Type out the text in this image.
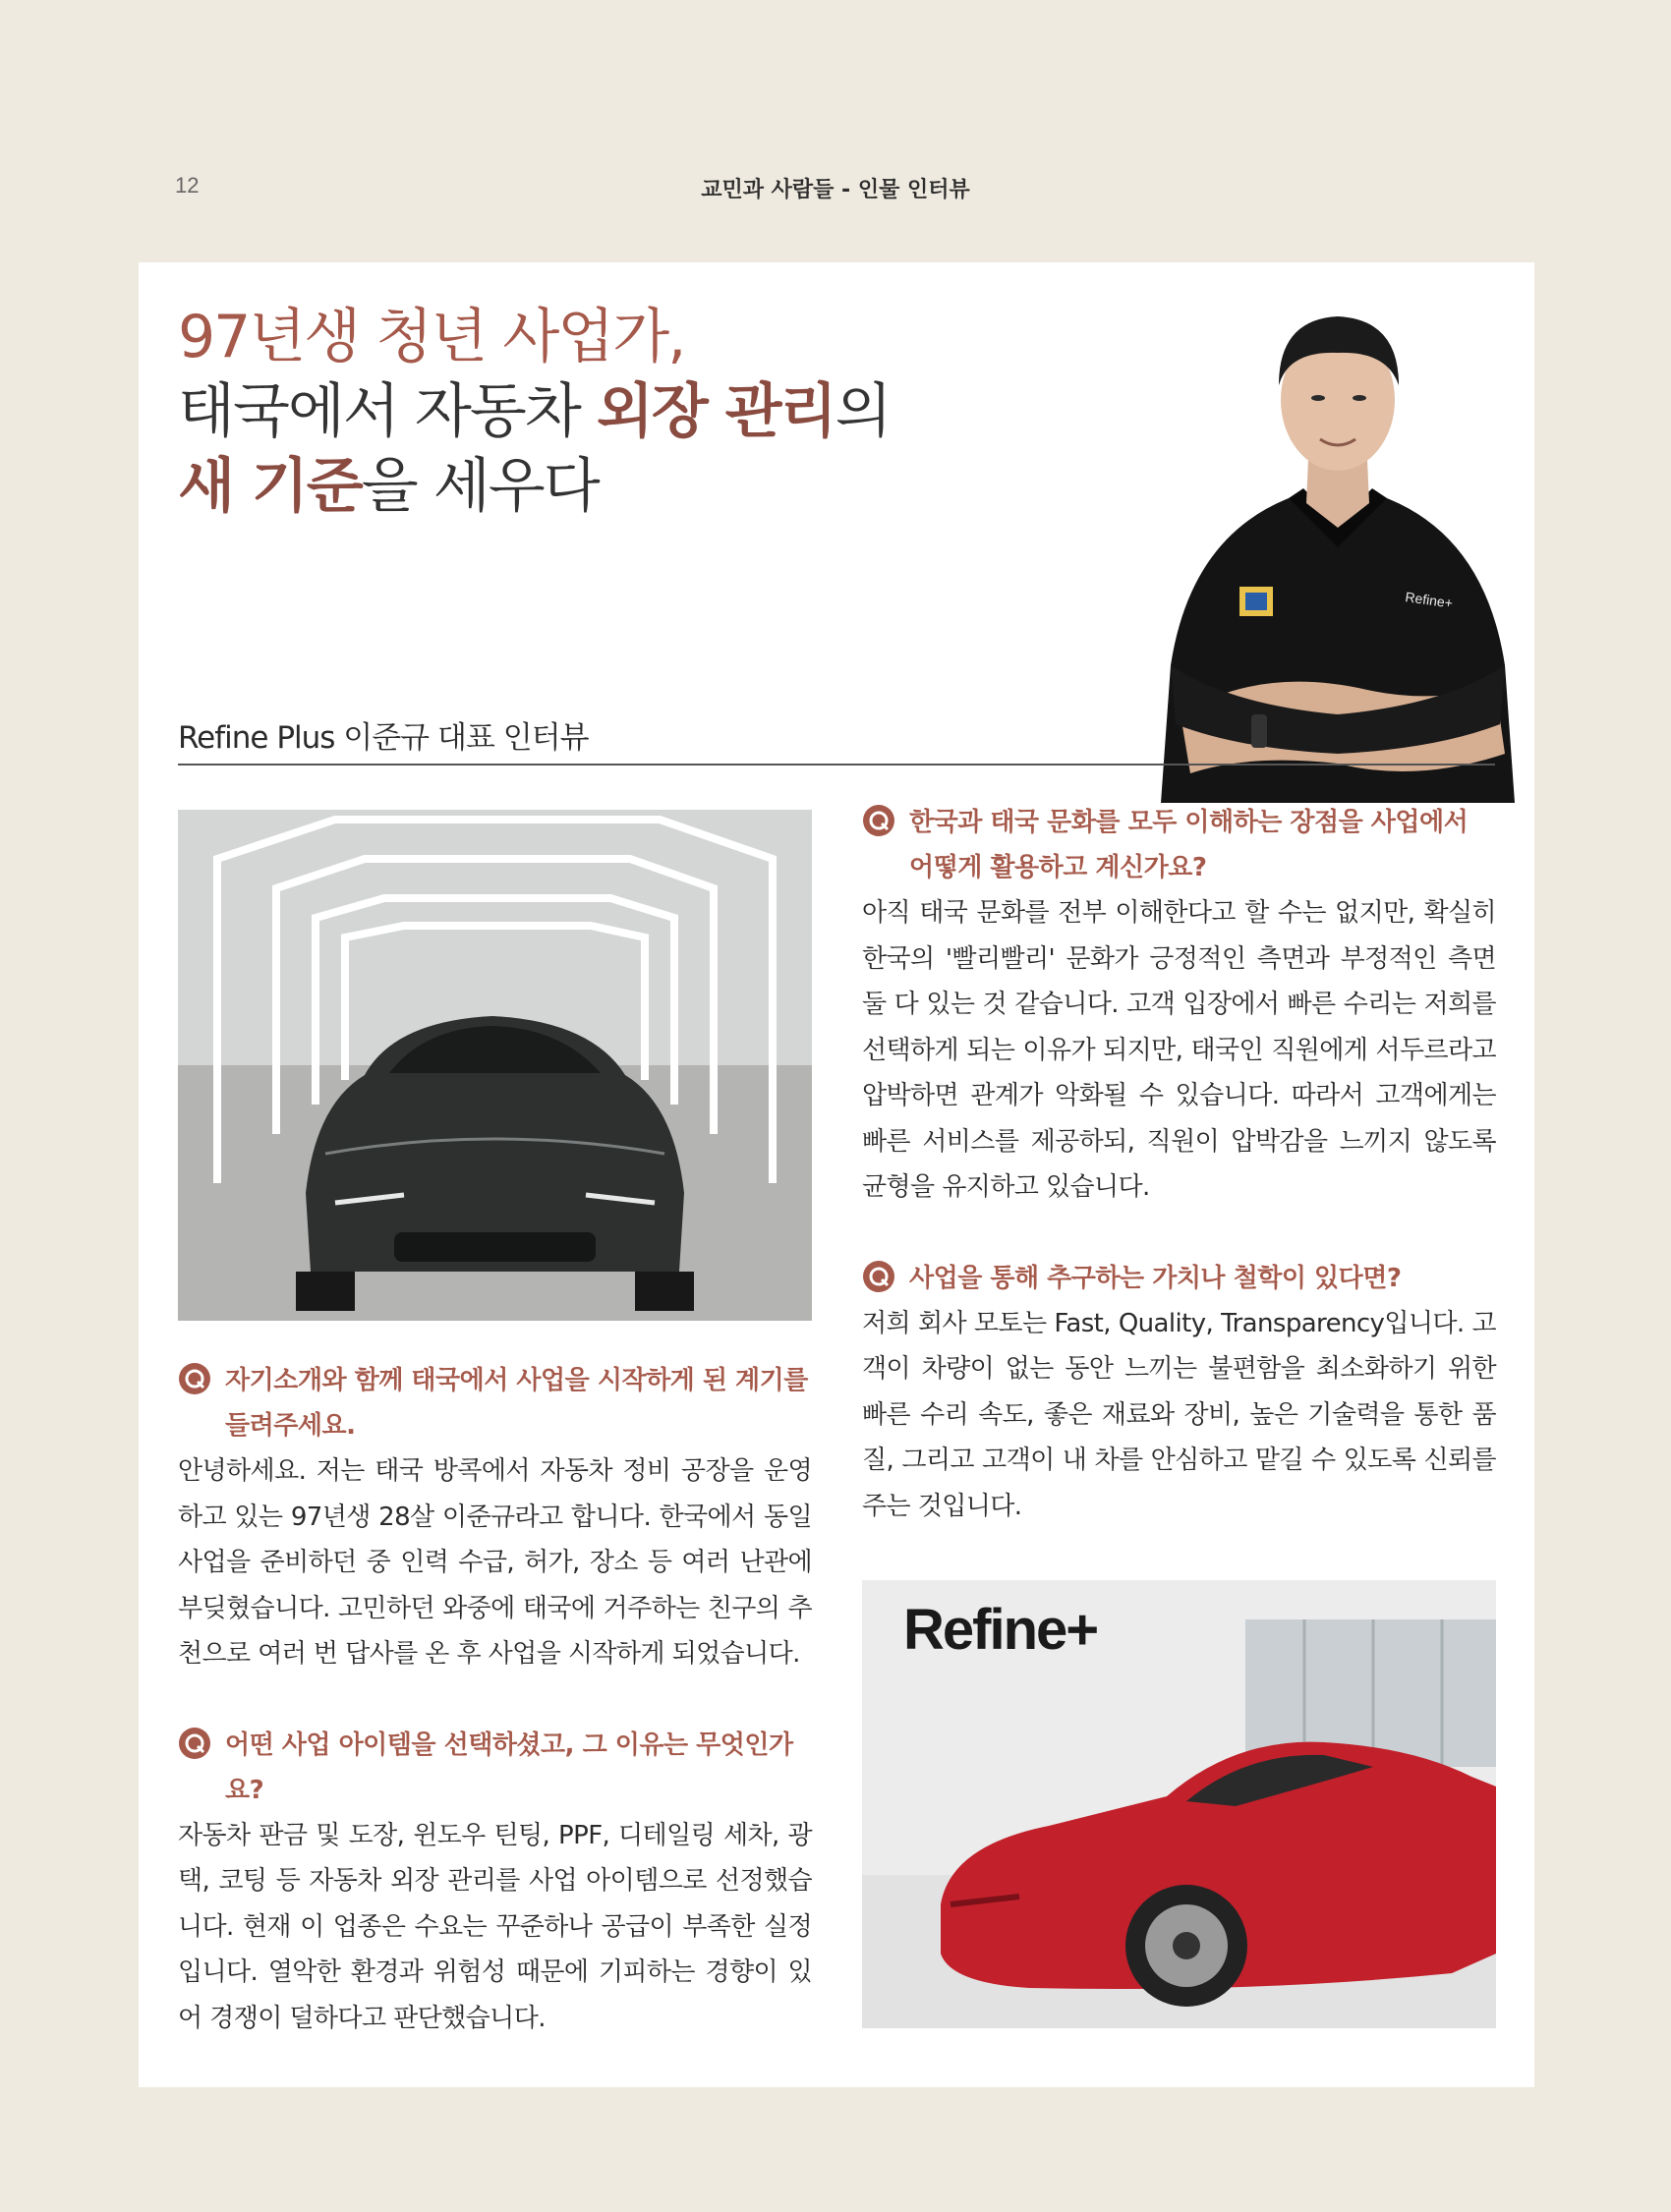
12	교민과 사람들 - 인물 인터뷰
97년생 청년 사업가,
태국에서 자동차 외장 관리의
새 기준을 세우다
Refine+
Refine Plus 이준규 대표 인터뷰
자기소개와 함께 태국에서 사업을 시작하게 된 계기를 들려주세요.

안녕하세요. 저는 태국 방콕에서 자동차 정비 공장을 운영하고 있는 97년생 28살 이준규라고 합니다. 한국에서 동일 사업을 준비하던 중 인력 수급, 허가, 장소 등 여러 난관에 부딪혔습니다. 고민하던 와중에 태국에 거주하는 친구의 추천으로 여러 번 답사를 온 후 사업을 시작하게 되었습니다.

어떤 사업 아이템을 선택하셨고, 그 이유는 무엇인가요?

자동차 판금 및 도장, 윈도우 틴팅, PPF, 디테일링 세차, 광택, 코팅 등 자동차 외장 관리를 사업 아이템으로 선정했습니다. 현재 이 업종은 수요는 꾸준하나 공급이 부족한 실정입니다. 열악한 환경과 위험성 때문에 기피하는 경향이 있어 경쟁이 덜하다고 판단했습니다.

한국과 태국 문화를 모두 이해하는 장점을 사업에서 어떻게 활용하고 계신가요?

아직 태국 문화를 전부 이해한다고 할 수는 없지만, 확실히 한국의 '빨리빨리' 문화가 긍정적인 측면과 부정적인 측면 둘 다 있는 것 같습니다. 고객 입장에서 빠른 수리는 저희를 선택하게 되는 이유가 되지만, 태국인 직원에게 서두르라고 압박하면 관계가 악화될 수 있습니다. 따라서 고객에게는 빠른 서비스를 제공하되, 직원이 압박감을 느끼지 않도록 균형을 유지하고 있습니다.

사업을 통해 추구하는 가치나 철학이 있다면?

저희 회사 모토는 Fast, Quality, Transparency입니다. 고객이 차량이 없는 동안 느끼는 불편함을 최소화하기 위한 빠른 수리 속도, 좋은 재료와 장비, 높은 기술력을 통한 품질, 그리고 고객이 내 차를 안심하고 맡길 수 있도록 신뢰를 주는 것입니다.

Refine+
